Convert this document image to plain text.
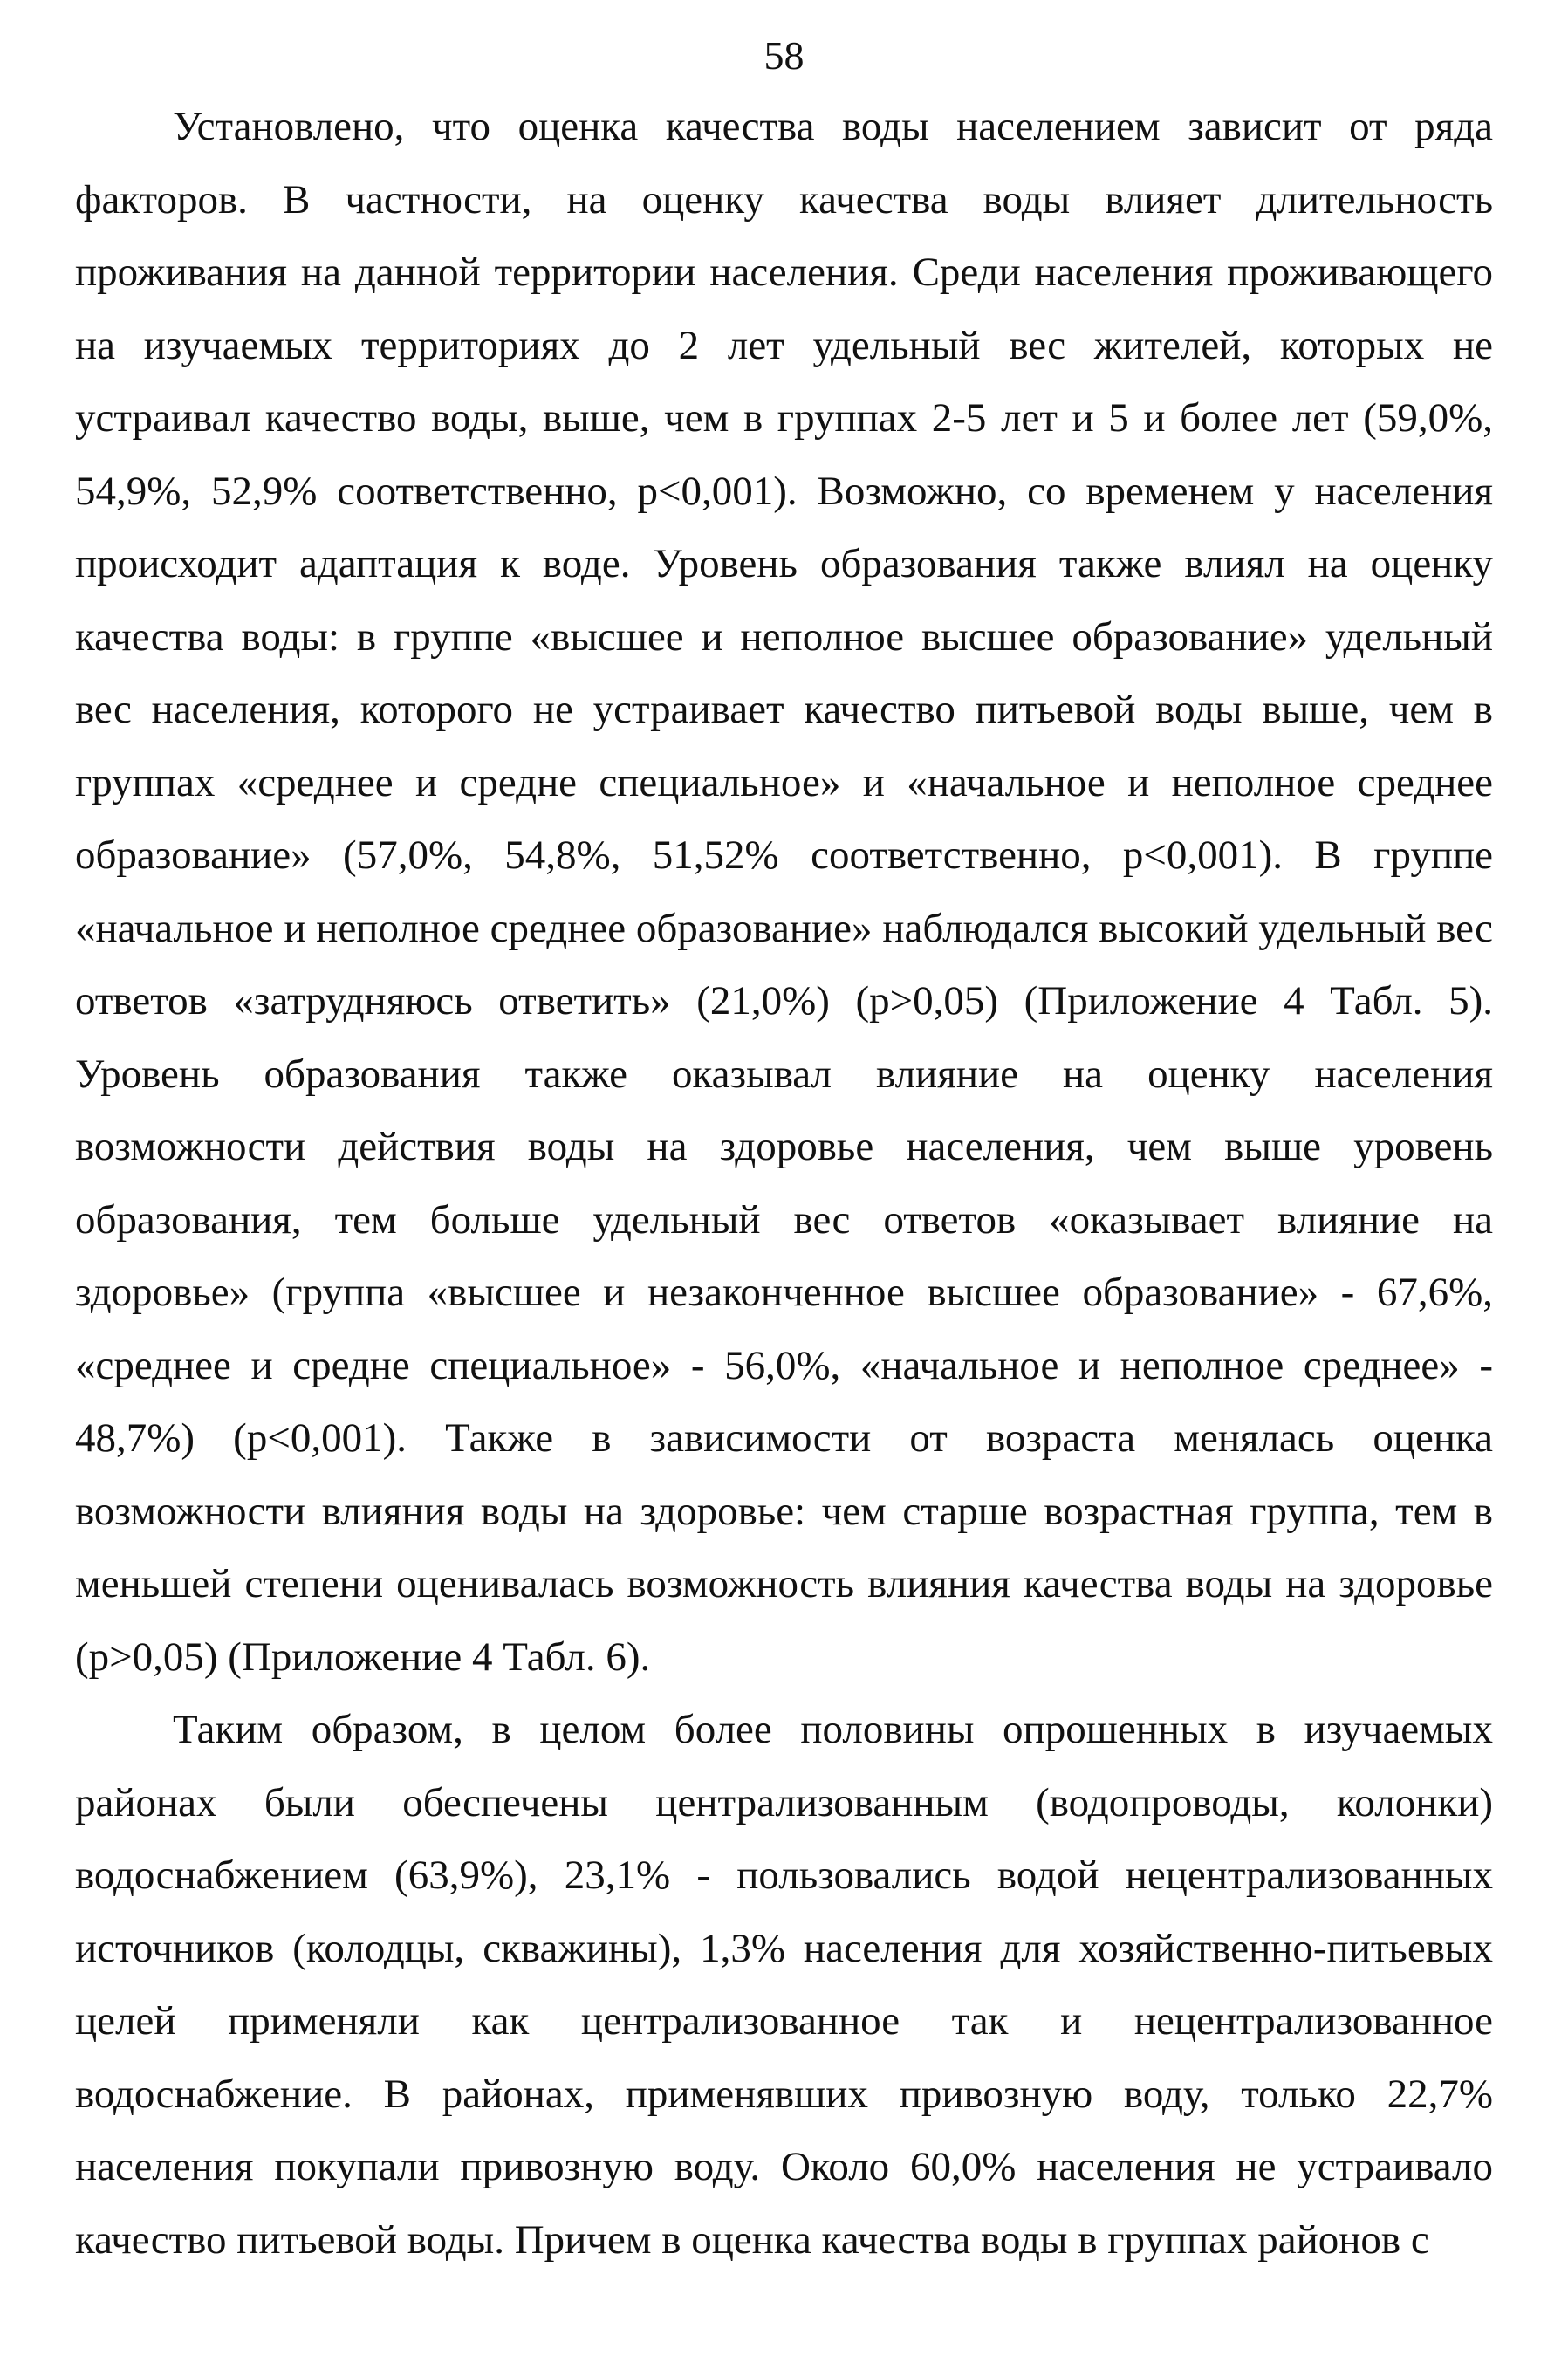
58

Установлено, что оценка качества воды населением зависит от ряда факторов. В частности, на оценку качества воды влияет длительность проживания на данной территории населения. Среди населения проживающего на изучаемых территориях до 2 лет удельный вес жителей, которых не устраивал качество воды, выше, чем в группах 2-5 лет и 5 и более лет (59,0%, 54,9%, 52,9% соответственно, p<0,001). Возможно, со временем у населения происходит адаптация к воде. Уровень образования также влиял на оценку качества воды: в группе «высшее и неполное высшее образование» удельный вес населения, которого не устраивает качество питьевой воды выше, чем в группах «среднее и средне специальное» и «начальное и неполное среднее образование» (57,0%, 54,8%, 51,52% соответственно, p<0,001). В группе «начальное и неполное среднее образование» наблюдался высокий удельный вес ответов «затрудняюсь ответить» (21,0%) (p>0,05) (Приложение 4 Табл. 5). Уровень образования также оказывал влияние на оценку населения возможности действия воды на здоровье населения, чем выше уровень образования, тем больше удельный вес ответов «оказывает влияние на здоровье» (группа «высшее и незаконченное высшее образование» - 67,6%, «среднее и средне специальное» - 56,0%, «начальное и неполное среднее» - 48,7%) (p<0,001). Также в зависимости от возраста менялась оценка возможности влияния воды на здоровье: чем старше возрастная группа, тем в меньшей степени оценивалась возможность влияния качества воды на здоровье (p>0,05) (Приложение 4 Табл. 6).

Таким образом, в целом более половины опрошенных в изучаемых районах были обеспечены централизованным (водопроводы, колонки) водоснабжением (63,9%), 23,1% - пользовались водой нецентрализованных источников (колодцы, скважины), 1,3% населения для хозяйственно-питьевых целей применяли как централизованное так и нецентрализованное водоснабжение. В районах, применявших привозную воду, только 22,7% населения покупали привозную воду. Около 60,0% населения не устраивало качество питьевой воды. Причем в оценка качества воды в группах районов с
